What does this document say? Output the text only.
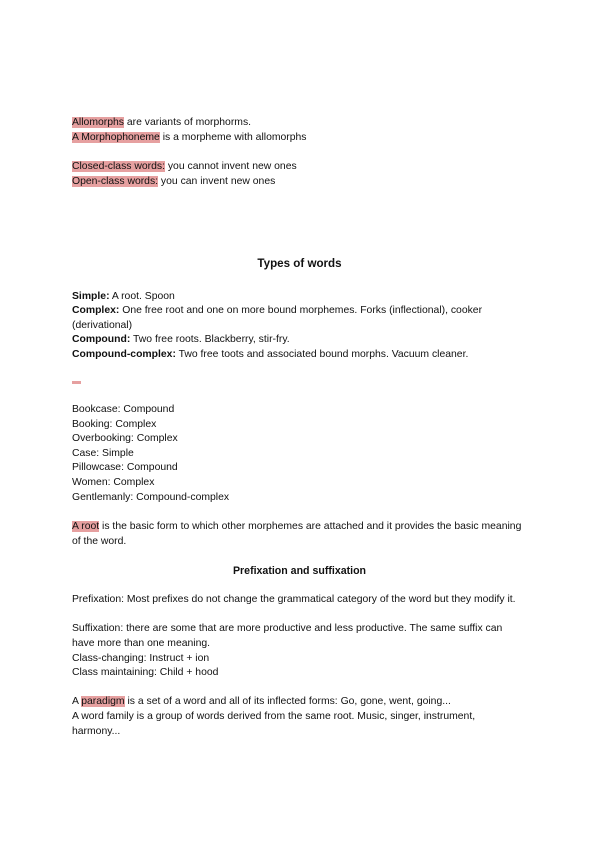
Allomorphs are variants of morphorms.
A Morphophoneme is a morpheme with allomorphs
Closed-class words: you cannot invent new ones
Open-class words: you can invent new ones
Types of words
Simple: A root. Spoon
Complex: One free root and one on more bound morphemes. Forks (inflectional), cooker (derivational)
Compound: Two free roots. Blackberry, stir-fry.
Compound-complex: Two free toots and associated bound morphs. Vacuum cleaner.
Bookcase: Compound
Booking: Complex
Overbooking: Complex
Case: Simple
Pillowcase: Compound
Women: Complex
Gentlemanly: Compound-complex
A root is the basic form to which other morphemes are attached and it provides the basic meaning of the word.
Prefixation and suffixation
Prefixation: Most prefixes do not change the grammatical category of the word but they modify it.
Suffixation: there are some that are more productive and less productive. The same suffix can have more than one meaning.
Class-changing: Instruct + ion
Class maintaining: Child + hood
A paradigm is a set of a word and all of its inflected forms: Go, gone, went, going...
A word family is a group of words derived from the same root. Music, singer, instrument, harmony...
